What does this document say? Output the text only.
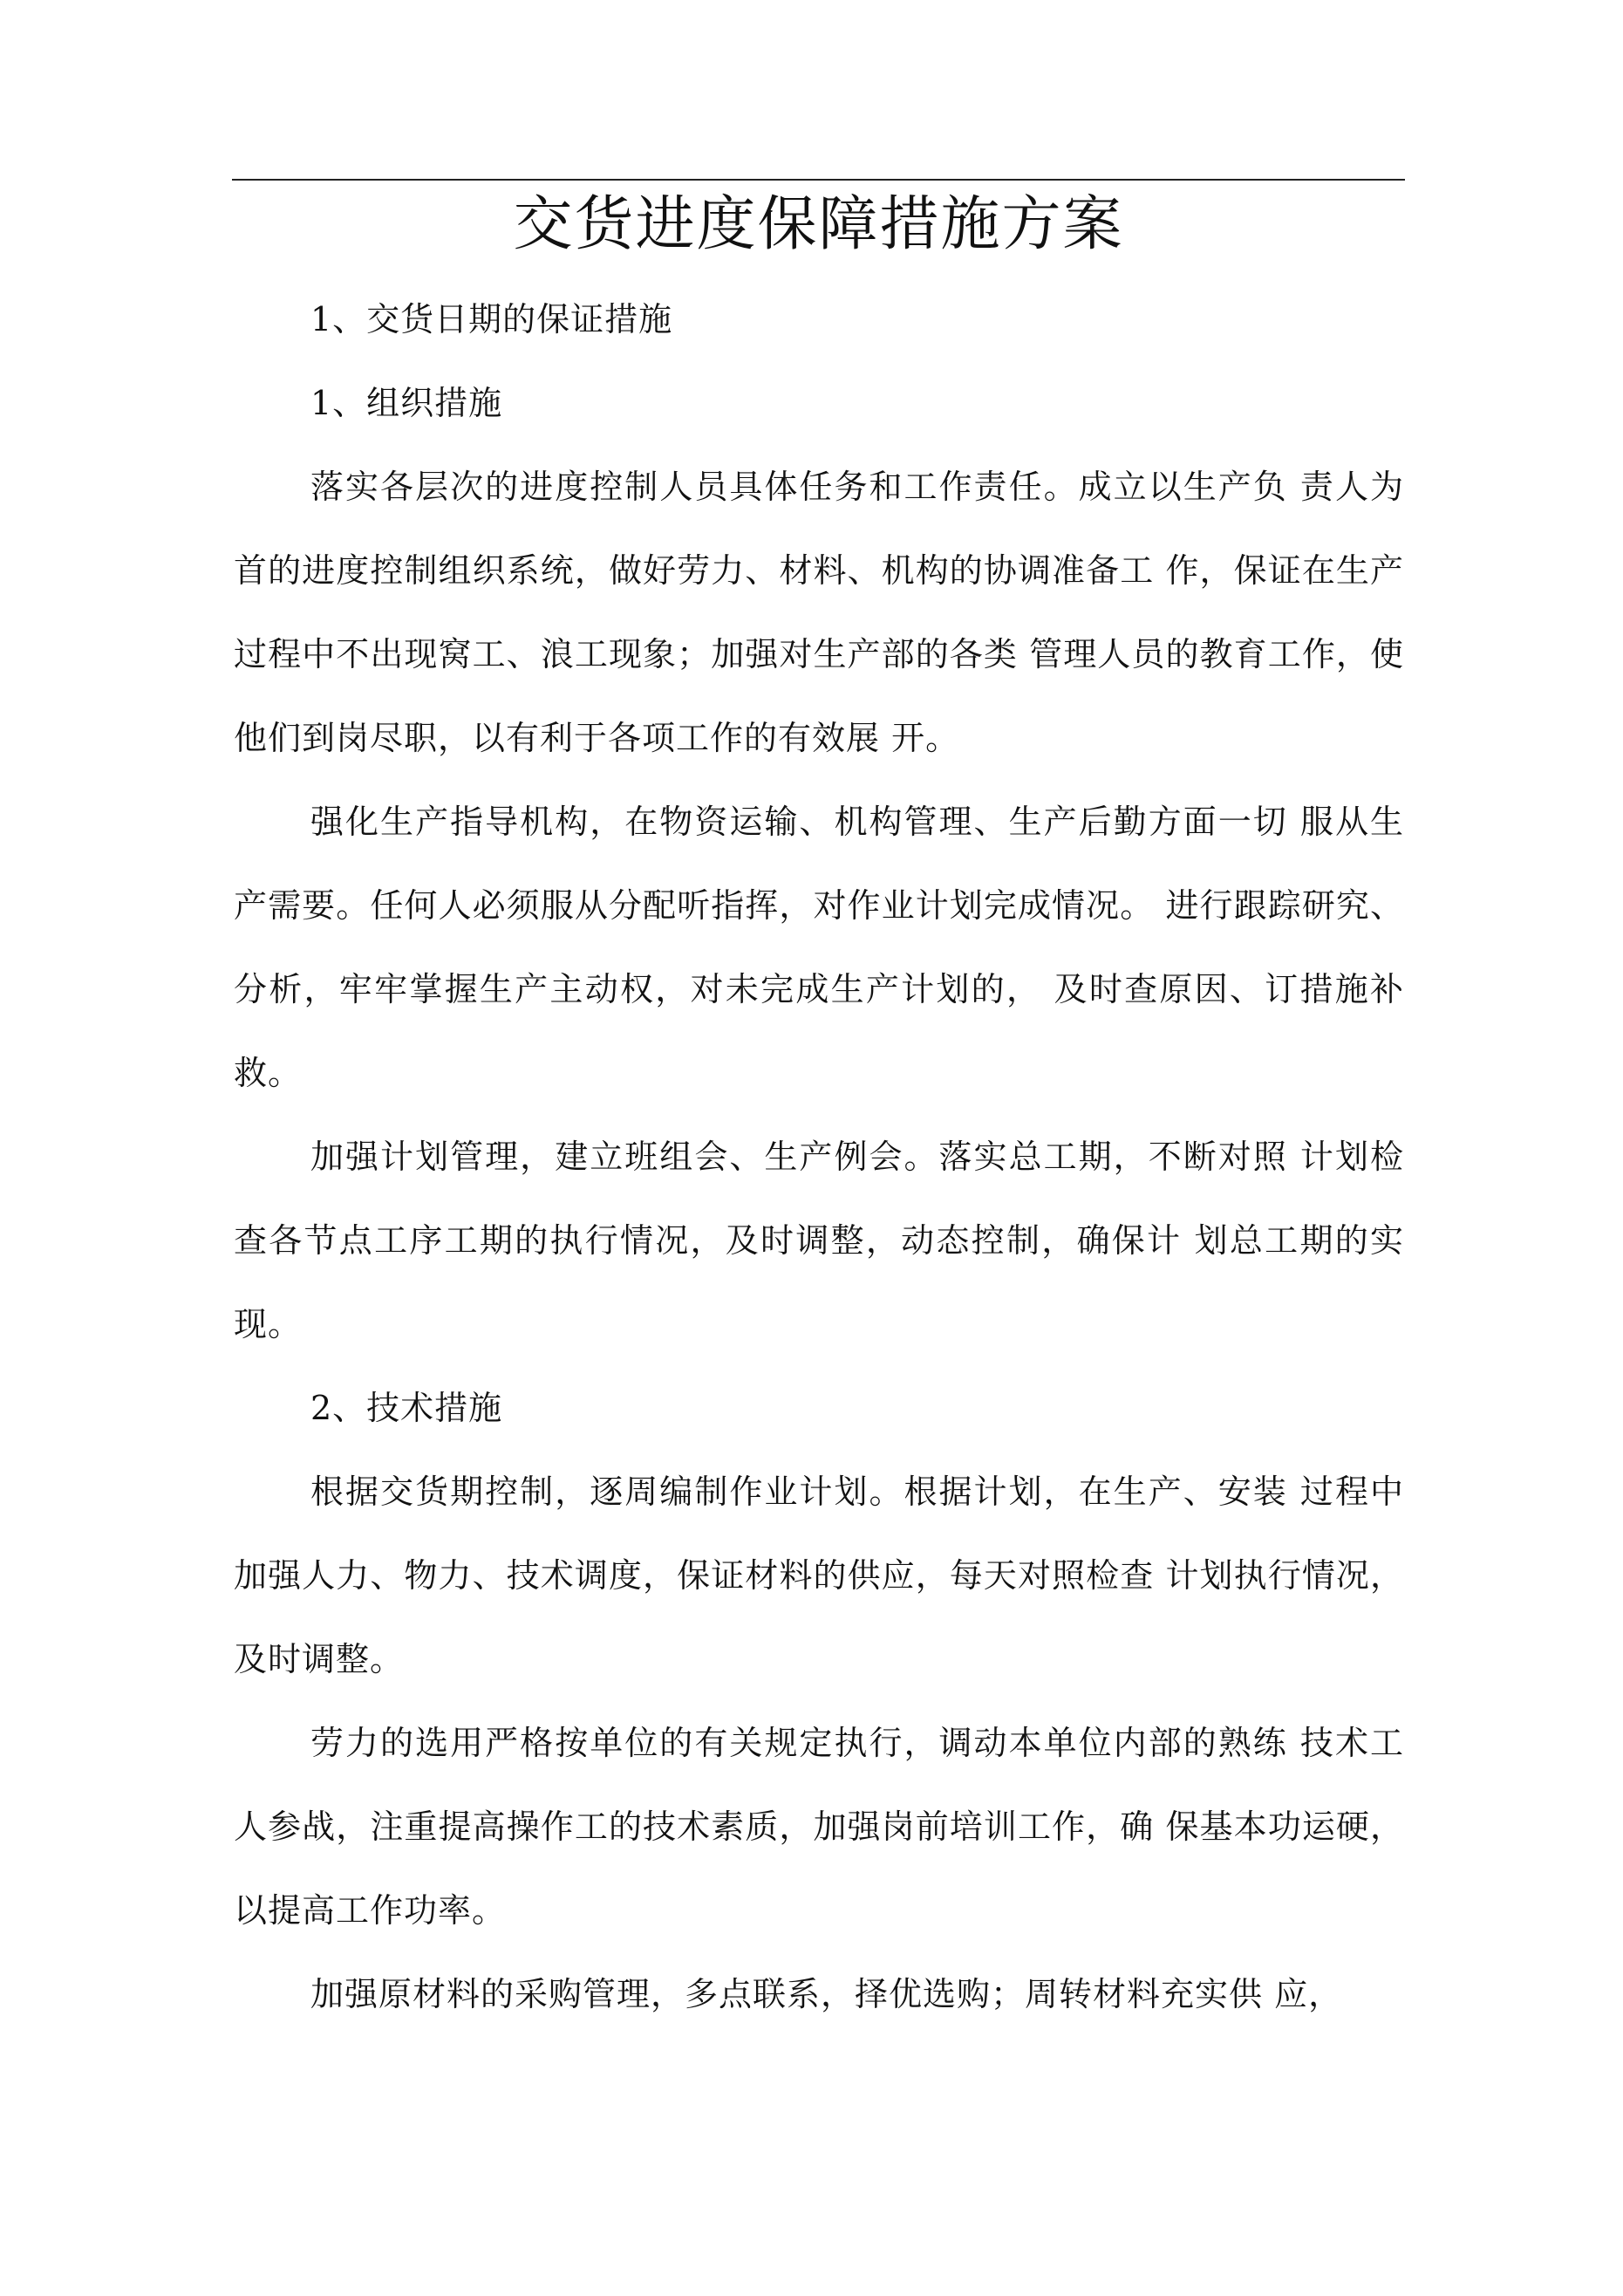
交货进度保障措施方案

1、交货日期的保证措施

1、组织措施

落实各层次的进度控制人员具体任务和工作责任。成立以生产负 责人为首的进度控制组织系统，做好劳力、材料、机构的协调准备工 作，保证在生产过程中不出现窝工、浪工现象；加强对生产部的各类 管理人员的教育工作，使他们到岗尽职，以有利于各项工作的有效展 开。

强化生产指导机构，在物资运输、机构管理、生产后勤方面一切 服从生产需要。任何人必须服从分配听指挥，对作业计划完成情况。 进行跟踪研究、分析，牢牢掌握生产主动权，对未完成生产计划的， 及时查原因、订措施补救。

加强计划管理，建立班组会、生产例会。落实总工期，不断对照 计划检查各节点工序工期的执行情况，及时调整，动态控制，确保计 划总工期的实现。

2、技术措施

根据交货期控制，逐周编制作业计划。根据计划，在生产、安装 过程中加强人力、物力、技术调度，保证材料的供应，每天对照检查 计划执行情况，及时调整。

劳力的选用严格按单位的有关规定执行，调动本单位内部的熟练 技术工人参战，注重提高操作工的技术素质，加强岗前培训工作，确 保基本功运硬，以提高工作功率。

加强原材料的采购管理，多点联系，择优选购；周转材料充实供 应，
